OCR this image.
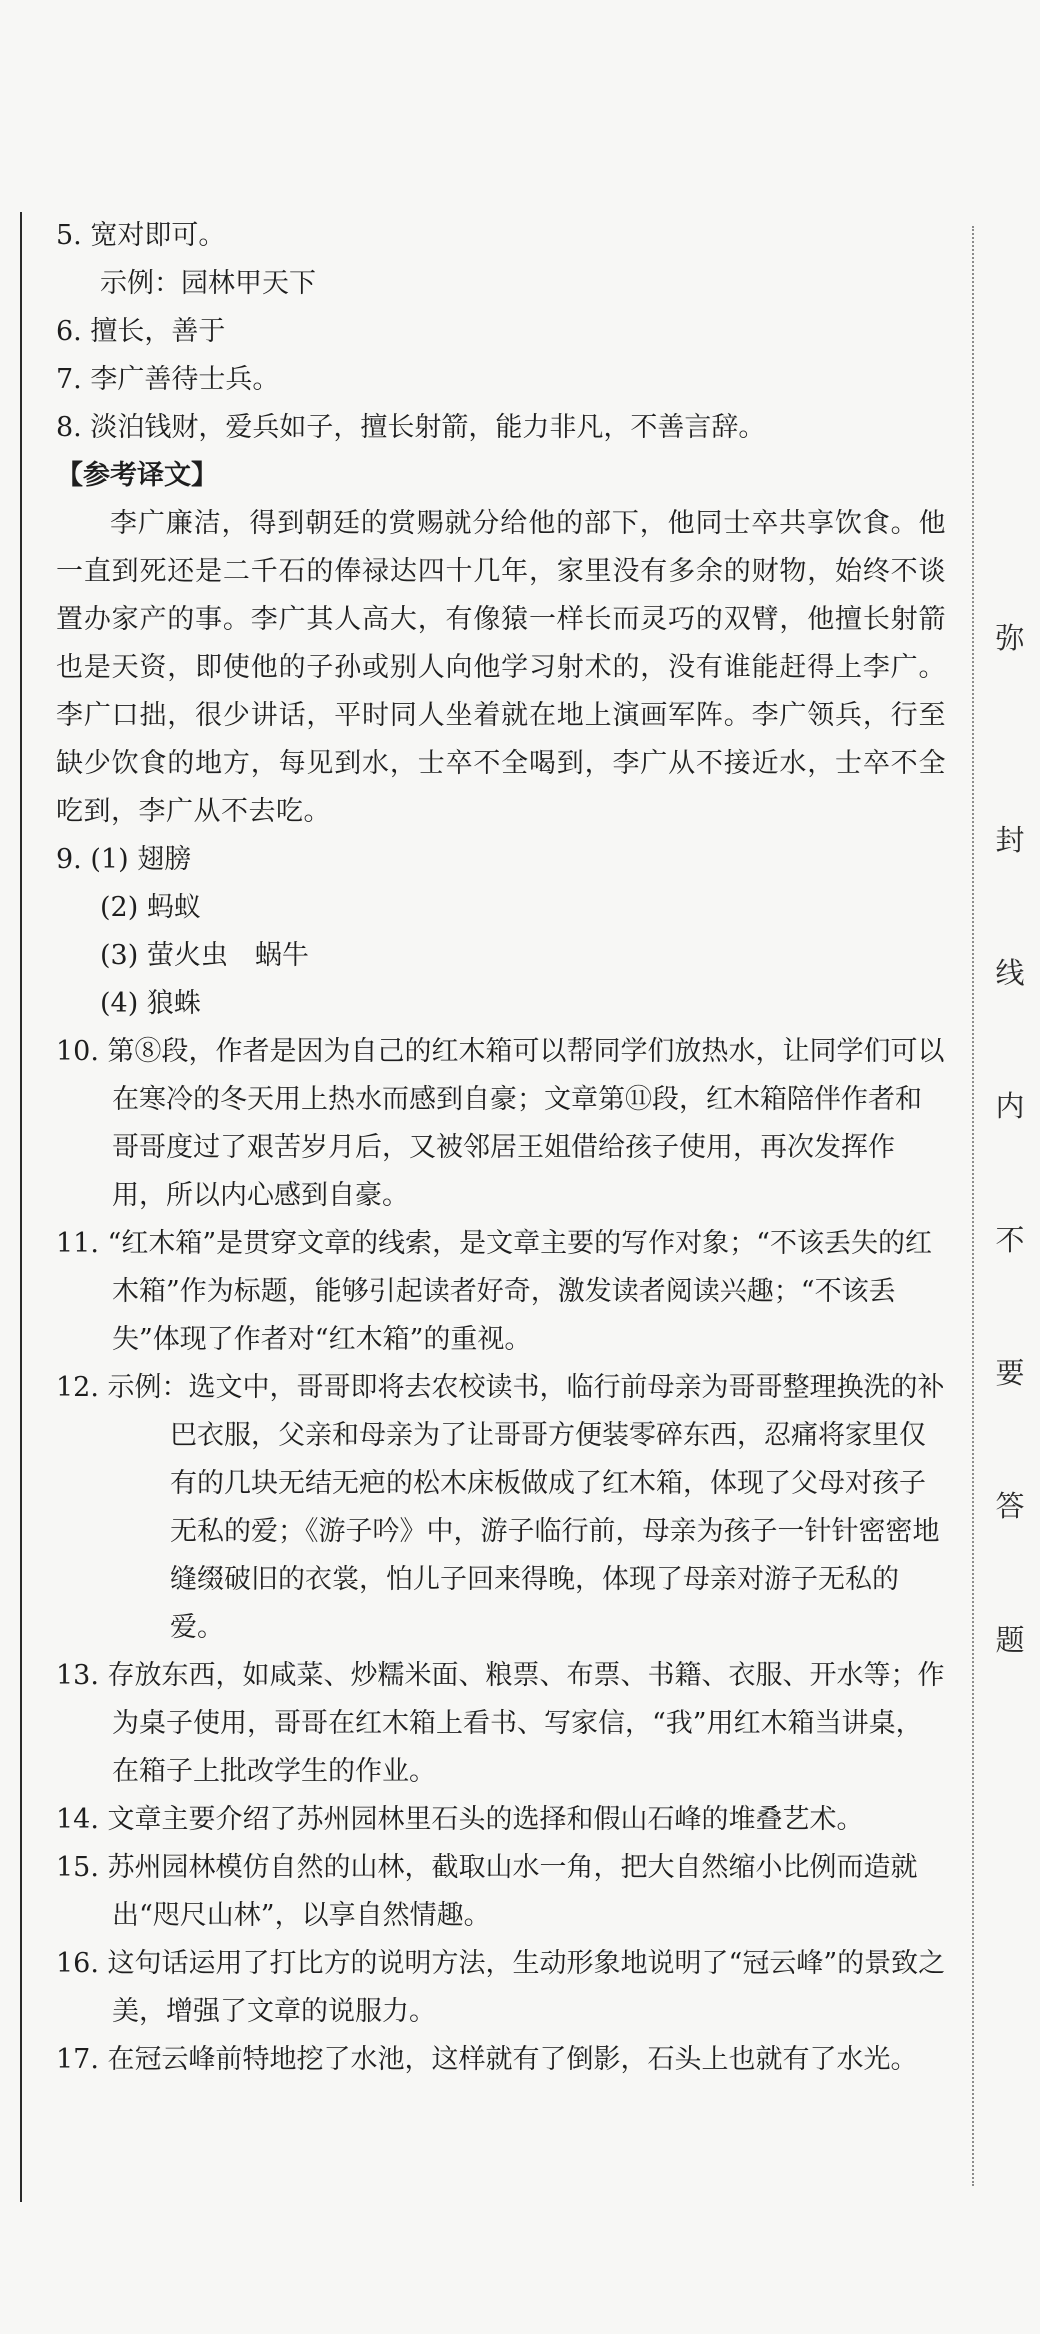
弥
封
线
内
不
要
答
题
5. 宽对即可。
示例：园林甲天下
6. 擅长，善于
7. 李广善待士兵。
8. 淡泊钱财，爱兵如子，擅长射箭，能力非凡，不善言辞。
【参考译文】
李广廉洁，得到朝廷的赏赐就分给他的部下，他同士卒共享饮食。他一直到死还是二千石的俸禄达四十几年，家里没有多余的财物，始终不谈置办家产的事。李广其人高大，有像猿一样长而灵巧的双臂，他擅长射箭也是天资，即使他的子孙或别人向他学习射术的，没有谁能赶得上李广。李广口拙，很少讲话，平时同人坐着就在地上演画军阵。李广领兵，行至缺少饮食的地方，每见到水，士卒不全喝到，李广从不接近水，士卒不全吃到，李广从不去吃。
9. (1) 翅膀
(2) 蚂蚁
(3) 萤火虫　蜗牛
(4) 狼蛛
10. 第⑧段，作者是因为自己的红木箱可以帮同学们放热水，让同学们可以在寒冷的冬天用上热水而感到自豪；文章第⑪段，红木箱陪伴作者和哥哥度过了艰苦岁月后，又被邻居王姐借给孩子使用，再次发挥作用，所以内心感到自豪。
11. “红木箱”是贯穿文章的线索，是文章主要的写作对象；“不该丢失的红木箱”作为标题，能够引起读者好奇，激发读者阅读兴趣；“不该丢失”体现了作者对“红木箱”的重视。
12. 示例：选文中，哥哥即将去农校读书，临行前母亲为哥哥整理换洗的补巴衣服，父亲和母亲为了让哥哥方便装零碎东西，忍痛将家里仅有的几块无结无疤的松木床板做成了红木箱，体现了父母对孩子无私的爱；《游子吟》中，游子临行前，母亲为孩子一针针密密地缝缀破旧的衣裳，怕儿子回来得晚，体现了母亲对游子无私的爱。
13. 存放东西，如咸菜、炒糯米面、粮票、布票、书籍、衣服、开水等；作为桌子使用，哥哥在红木箱上看书、写家信，“我”用红木箱当讲桌，在箱子上批改学生的作业。
14. 文章主要介绍了苏州园林里石头的选择和假山石峰的堆叠艺术。
15. 苏州园林模仿自然的山林，截取山水一角，把大自然缩小比例而造就出“咫尺山林”，以享自然情趣。
16. 这句话运用了打比方的说明方法，生动形象地说明了“冠云峰”的景致之美，增强了文章的说服力。
17. 在冠云峰前特地挖了水池，这样就有了倒影，石头上也就有了水光。
